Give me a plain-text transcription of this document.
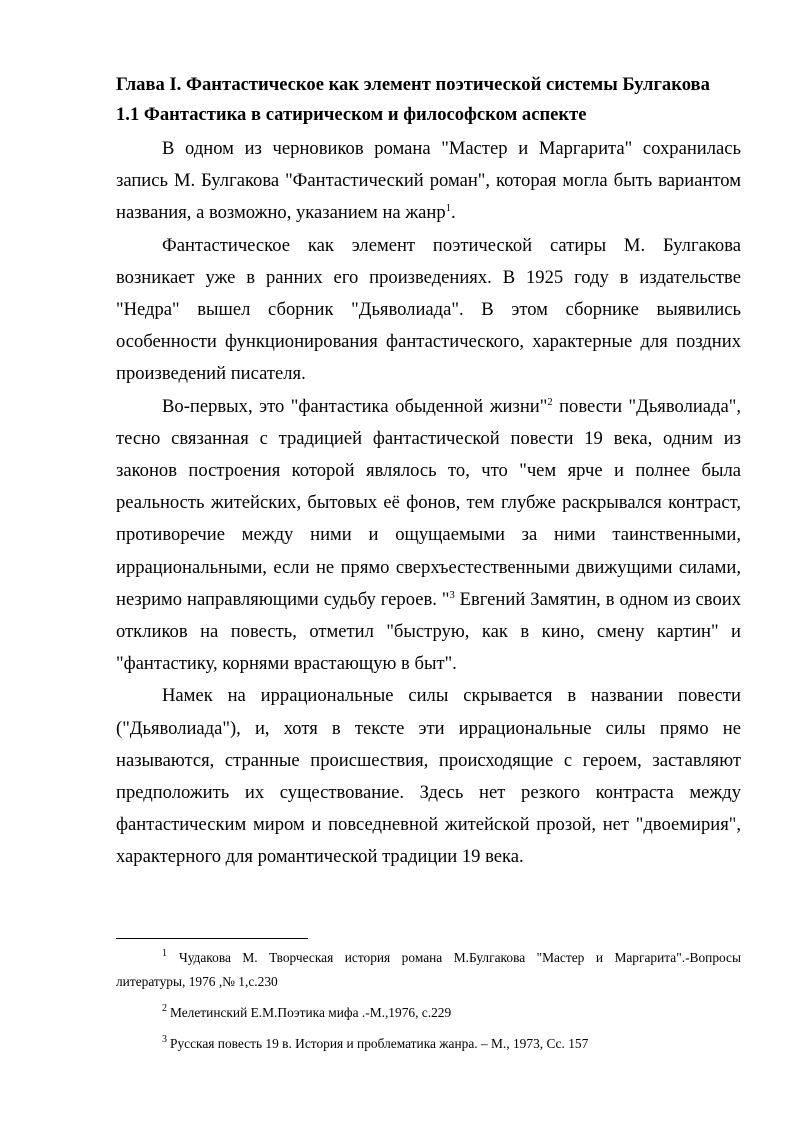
Глава I. Фантастическое как элемент поэтической системы Булгакова
1.1 Фантастика в сатирическом и философском аспекте

В одном из черновиков романа "Мастер и Маргарита" сохранилась запись М. Булгакова "Фантастический роман", которая могла быть вариантом названия, а возможно, указанием на жанр$^1$.

Фантастическое как элемент поэтической сатиры М. Булгакова возникает уже в ранних его произведениях. В 1925 году в издательстве "Недра" вышел сборник "Дьяволиада". В этом сборнике выявились особенности функционирования фантастического, характерные для поздних произведений писателя.

Во-первых, это "фантастика обыденной жизни"$^2$ повести "Дьяволиада", тесно связанная с традицией фантастической повести 19 века, одним из законов построения которой являлось то, что "чем ярче и полнее была реальность житейских, бытовых её фонов, тем глубже раскрывался контраст, противоречие между ними и ощущаемыми за ними таинственными, иррациональными, если не прямо сверхъестественными движущими силами, незримо направляющими судьбу героев. "$^3$ Евгений Замятин, в одном из своих откликов на повесть, отметил "быструю, как в кино, смену картин" и "фантастику, корнями врастающую в быт".

Намек на иррациональные силы скрывается в названии повести ("Дьяволиада"), и, хотя в тексте эти иррациональные силы прямо не называются, странные происшествия, происходящие с героем, заставляют предположить их существование. Здесь нет резкого контраста между фантастическим миром и повседневной житейской прозой, нет "двоемирия", характерного для романтической традиции 19 века.

$^1$ Чудакова М. Творческая история романа М.Булгакова "Мастер и Маргарита".-Вопросы литературы, 1976 ,№ 1,с.230

$^2$ Мелетинский Е.М.Поэтика мифа .-М.,1976, с.229

$^3$ Русская повесть 19 в. История и проблематика жанра. – М., 1973, Сс. 157
